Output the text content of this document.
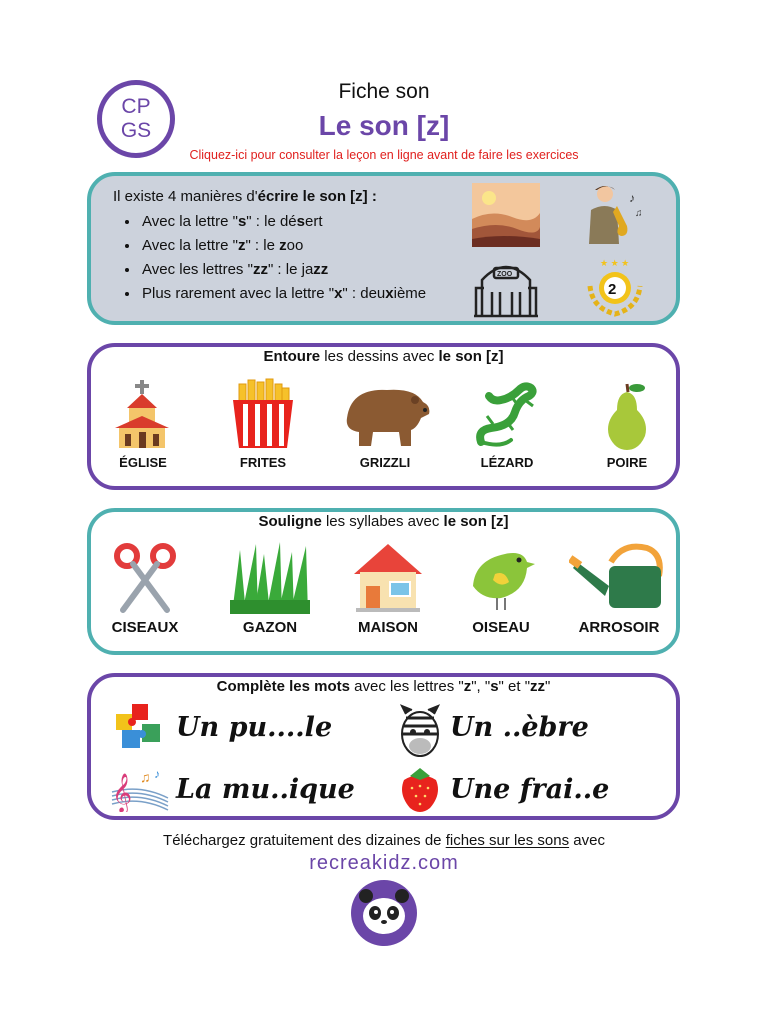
CP
GS
Fiche son
Le son [z]
Cliquez-ici pour consulter la leçon en ligne avant de faire les exercices
Il existe 4 manières d'écrire le son [z] :
• Avec la lettre "s" : le désert
• Avec la lettre "z" : le zoo
• Avec les lettres "zz" : le jazz
• Plus rarement avec la lettre "x" : deuxième
♪
♫
ZOO
2
★ ★ ★
Entoure les dessins avec le son [z]
ÉGLISE	FRITES	GRIZZLI	LÉZARD	POIRE
Souligne les syllabes avec le son [z]
CISEAUX	GAZON	MAISON	OISEAU	ARROSOIR
Complète les mots avec les lettres "z", "s" et "zz"
Un pu....le	Un ..èbre
𝄞 ♫ ♪ La mu..ique	Une frai..e
Téléchargez gratuitement des dizaines de fiches sur les sons avec
recreakidz.com
